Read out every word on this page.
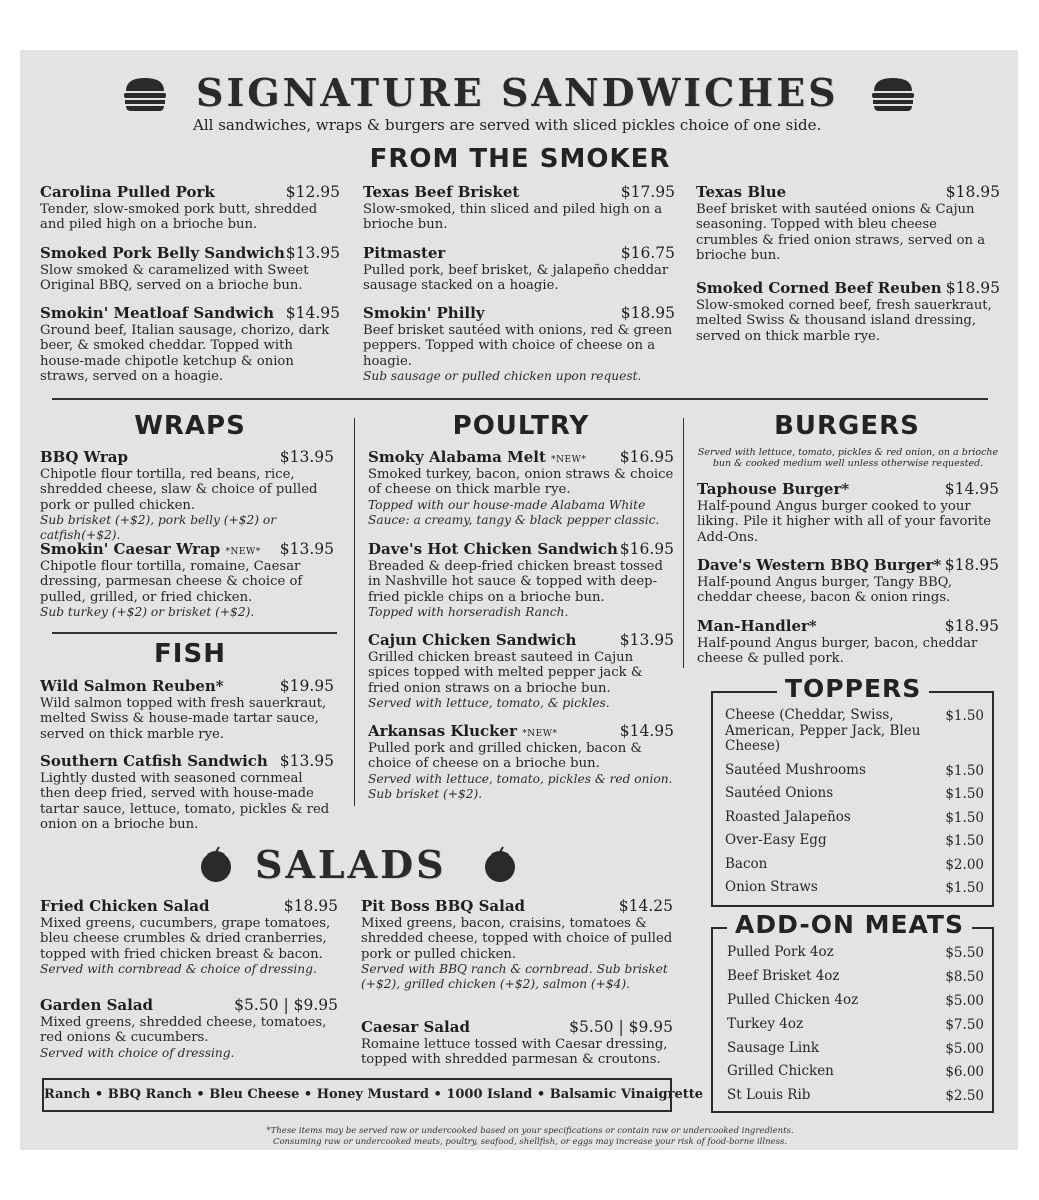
SIGNATURE SANDWICHES
All sandwiches, wraps & burgers are served with sliced pickles choice of one side.
FROM THE SMOKER
Carolina Pulled Pork	$12.95
Tender, slow-smoked pork butt, shredded and piled high on a brioche bun.
Smoked Pork Belly Sandwich $13.95
Slow smoked & caramelized with Sweet Original BBQ, served on a brioche bun.
Smokin' Meatloaf Sandwich $14.95
Ground beef, Italian sausage, chorizo, dark beer, & smoked cheddar. Topped with house-made chipotle ketchup & onion straws, served on a hoagie.
Texas Beef Brisket	$17.95
Slow-smoked, thin sliced and piled high on a brioche bun.
Pitmaster	$16.75
Pulled pork, beef brisket, & jalapeño cheddar sausage stacked on a hoagie.
Smokin' Philly	$18.95
Beef brisket sautéed with onions, red & green peppers. Topped with choice of cheese on a hoagie.
Sub sausage or pulled chicken upon request.
Texas Blue	$18.95
Beef brisket with sautéed onions & Cajun seasoning. Topped with bleu cheese crumbles & fried onion straws, served on a brioche bun.
Smoked Corned Beef Reuben $18.95
Slow-smoked corned beef, fresh sauerkraut, melted Swiss & thousand island dressing, served on thick marble rye.
WRAPS
BBQ Wrap	$13.95
Chipotle flour tortilla, red beans, rice, shredded cheese, slaw & choice of pulled pork or pulled chicken.
Sub brisket (+$2), pork belly (+$2) or catfish(+$2).
Smokin' Caesar Wrap *NEW*	$13.95
Chipotle flour tortilla, romaine, Caesar dressing, parmesan cheese & choice of pulled, grilled, or fried chicken.
Sub turkey (+$2) or brisket (+$2).
FISH
Wild Salmon Reuben*	$19.95
Wild salmon topped with fresh sauerkraut, melted Swiss & house-made tartar sauce, served on thick marble rye.
Southern Catfish Sandwich $13.95
Lightly dusted with seasoned cornmeal then deep fried, served with house-made tartar sauce, lettuce, tomato, pickles & red onion on a brioche bun.
POULTRY
Smoky Alabama Melt *NEW*	$16.95
Smoked turkey, bacon, onion straws & choice of cheese on thick marble rye.
Topped with our house-made Alabama White Sauce: a creamy, tangy & black pepper classic.
Dave's Hot Chicken Sandwich $16.95
Breaded & deep-fried chicken breast tossed in Nashville hot sauce & topped with deep-fried pickle chips on a brioche bun.
Topped with horseradish Ranch.
Cajun Chicken Sandwich	$13.95
Grilled chicken breast sauteed in Cajun spices topped with melted pepper jack & fried onion straws on a brioche bun.
Served with lettuce, tomato, & pickles.
Arkansas Klucker *NEW*	$14.95
Pulled pork and grilled chicken, bacon & choice of cheese on a brioche bun.
Served with lettuce, tomato, pickles & red onion. Sub brisket (+$2).
BURGERS
Served with lettuce, tomato, pickles & red onion, on a brioche bun & cooked medium well unless otherwise requested.
Taphouse Burger*	$14.95
Half-pound Angus burger cooked to your liking. Pile it higher with all of your favorite Add-Ons.
Dave's Western BBQ Burger* $18.95
Half-pound Angus burger, Tangy BBQ, cheddar cheese, bacon & onion rings.
Man-Handler*	$18.95
Half-pound Angus burger, bacon, cheddar cheese & pulled pork.
TOPPERS
Cheese (Cheddar, Swiss, American, Pepper Jack, Bleu Cheese)
$1.50
Sautéed Mushrooms	$1.50
Sautéed Onions	$1.50
Roasted Jalapeños	$1.50
Over-Easy Egg	$1.50
Bacon	$2.00
Onion Straws	$1.50
ADD-ON MEATS
Pulled Pork 4oz	$5.50
Beef Brisket 4oz	$8.50
Pulled Chicken 4oz	$5.00
Turkey 4oz	$7.50
Sausage Link	$5.00
Grilled Chicken	$6.00
St Louis Rib	$2.50
SALADS
Fried Chicken Salad	$18.95
Mixed greens, cucumbers, grape tomatoes, bleu cheese crumbles & dried cranberries, topped with fried chicken breast & bacon.
Served with cornbread & choice of dressing.
Garden Salad	$5.50 | $9.95
Mixed greens, shredded cheese, tomatoes, red onions & cucumbers.
Served with choice of dressing.
Pit Boss BBQ Salad	$14.25
Mixed greens, bacon, craisins, tomatoes & shredded cheese, topped with choice of pulled pork or pulled chicken.
Served with BBQ ranch & cornbread. Sub brisket (+$2), grilled chicken (+$2), salmon (+$4).
Caesar Salad	$5.50 | $9.95
Romaine lettuce tossed with Caesar dressing, topped with shredded parmesan & croutons.
Ranch • BBQ Ranch • Bleu Cheese • Honey Mustard • 1000 Island • Balsamic Vinaigrette
*These items may be served raw or undercooked based on your specifications or contain raw or undercooked ingredients.
Consuming raw or undercooked meats, poultry, seafood, shellfish, or eggs may increase your risk of food-borne illness.
